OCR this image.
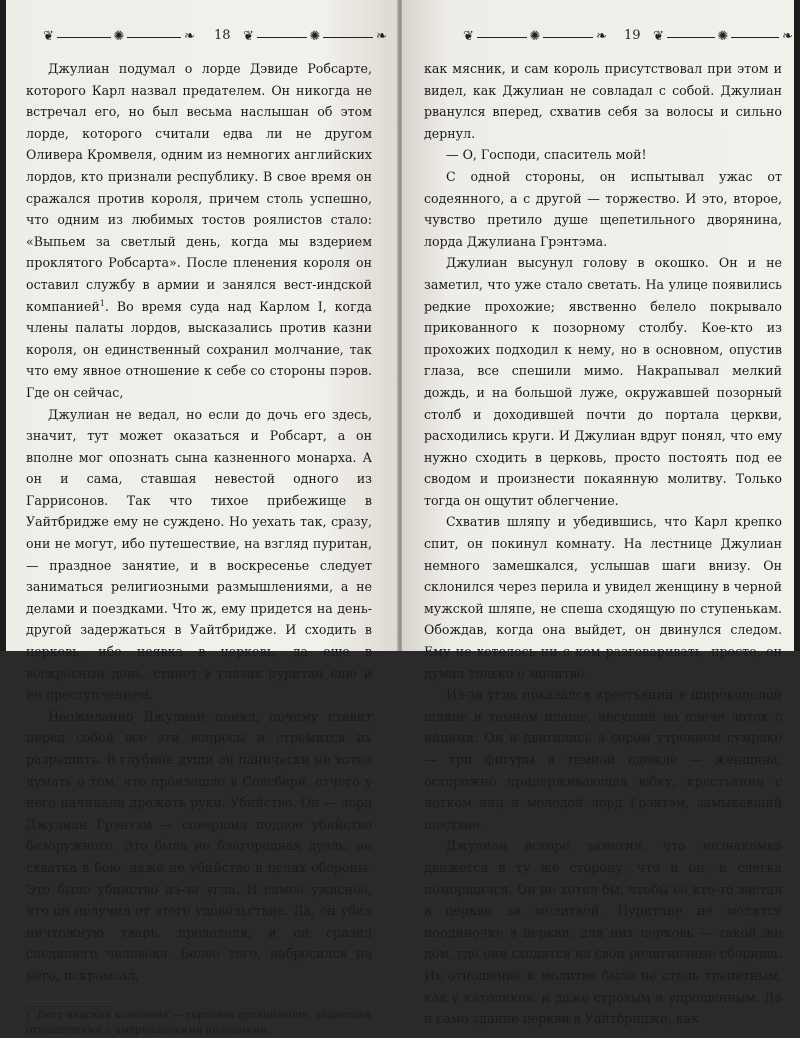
❦	✺	❧ 18 ❦	✺	❧

Джулиан подумал о лорде Дэвиде Робсарте, которого Карл назвал предателем. Он никогда не встречал его, но был весьма наслышан об этом лорде, которого считали едва ли не другом Оливера Кромвеля, одним из немногих английских лордов, кто признали республику. В свое время он сражался против короля, причем столь успешно, что одним из любимых тостов роялистов стало: «Выпьем за светлый день, когда мы вздерием проклятого Робсарта». После пленения короля он оставил службу в армии и занялся вест-индской компанией$^1$. Во время суда над Карлом I, когда члены палаты лордов, высказались против казни короля, он единственный сохранил молчание, так что ему явное отношение к себе со стороны пэров. Где он сейчас,

Джулиан не ведал, но если до дочь его здесь, значит, тут может оказаться и Робсарт, а он вполне мог опознать сына казненного монарха. А он и сама, ставшая невестой одного из Гаррисонов. Так что тихое прибежище в Уайтбридже ему не суждено. Но уехать так, сразу, они не могут, ибо путешествие, на взгляд пуритан, — праздное занятие, и в воскресенье следует заниматься религиозными размышлениями, а не делами и поездками. Что ж, ему придется на день-другой задержаться в Уайтбридже. И сходить в церковь, ибо неявка в церковь, да еще в воскресный день, станет в глазах пуритан еще и не преступлением.

Неожиданно Джулиан понял, почему ставит перед собой все эти вопросы и стремится их разрешить. В глубине души он панически не хотел думать о том, что произошло в Солсбери, отчего у него начинали дрожать руки. Убийство. Он — лорд Джулиан Грэнтэм — совершил подлое убийство безоружного. Это была не благородная дуэль, не схватка в бою, даже не убийство в целях обороны. Это было убийство из-за угла. И самое ужасное, что он получил от этого удовольствие. Да, он убил ничтожную тварь, предателя, и он сразил следящего человека. Более того, набросился на него, искромсал,

$^1$ Вест-индская компания — торговая организация, ведающая отношениями с американскими колониями.
❦	✺	❧ 19 ❦	✺	❧

как мясник, и сам король присутствовал при этом и видел, как Джулиан не совладал с собой. Джулиан рванулся вперед, схватив себя за волосы и сильно дернул.

— О, Господи, спаситель мой!

С одной стороны, он испытывал ужас от содеянного, а с другой — торжество. И это, второе, чувство претило душе щепетильного дворянина, лорда Джулиана Грэнтэма.

Джулиан высунул голову в окошко. Он и не заметил, что уже стало светать. На улице появились редкие прохожие; явственно белело покрывало прикованного к позорному столбу. Кое-кто из прохожих подходил к нему, но в основном, опустив глаза, все спешили мимо. Накрапывал мелкий дождь, и на большой луже, окружавшей позорный столб и доходившей почти до портала церкви, расходились круги. И Джулиан вдруг понял, что ему нужно сходить в церковь, просто постоять под ее сводом и произнести покаянную молитву. Только тогда он ощутит облегчение.

Схватив шляпу и убедившись, что Карл крепко спит, он покинул комнату. На лестнице Джулиан немного замешкался, услышав шаги внизу. Он склонился через перила и увидел женщину в черной мужской шляпе, не спеша сходящую по ступенькам. Обождав, когда она выйдет, он двинулся следом. Ему не хотелось ни с кем разговаривать, просто, он думал только о молитве.

Из-за угла показался крестьянин в широкополой шляпе и темном плаще, несущий на плече лоток с яйцами. Он и двигались в сером утреннем сумраке — три фигуры в темной одежде — женщина, осторожно придерживающая юбку, крестьянин с лотком яиц и молодой лорд Грэнтэм, замыкавший шествие.

Джулиан вскоре заметил, что незнакомка движется в ту же сторону, что и он, и слегка поморщился. Он не хотел бы, чтобы ее кто-то застал в церкви за молитвой. Пуритане не молятся поодиночке в церкви, для них церковь — такой же дом, где они сходятся на свои религиозные сборища. Их отношение к молитве было не столь трепетным, как у католиков, и даже суровым и упрощенным. Да и само здание церкви в Уайтбридже, как
